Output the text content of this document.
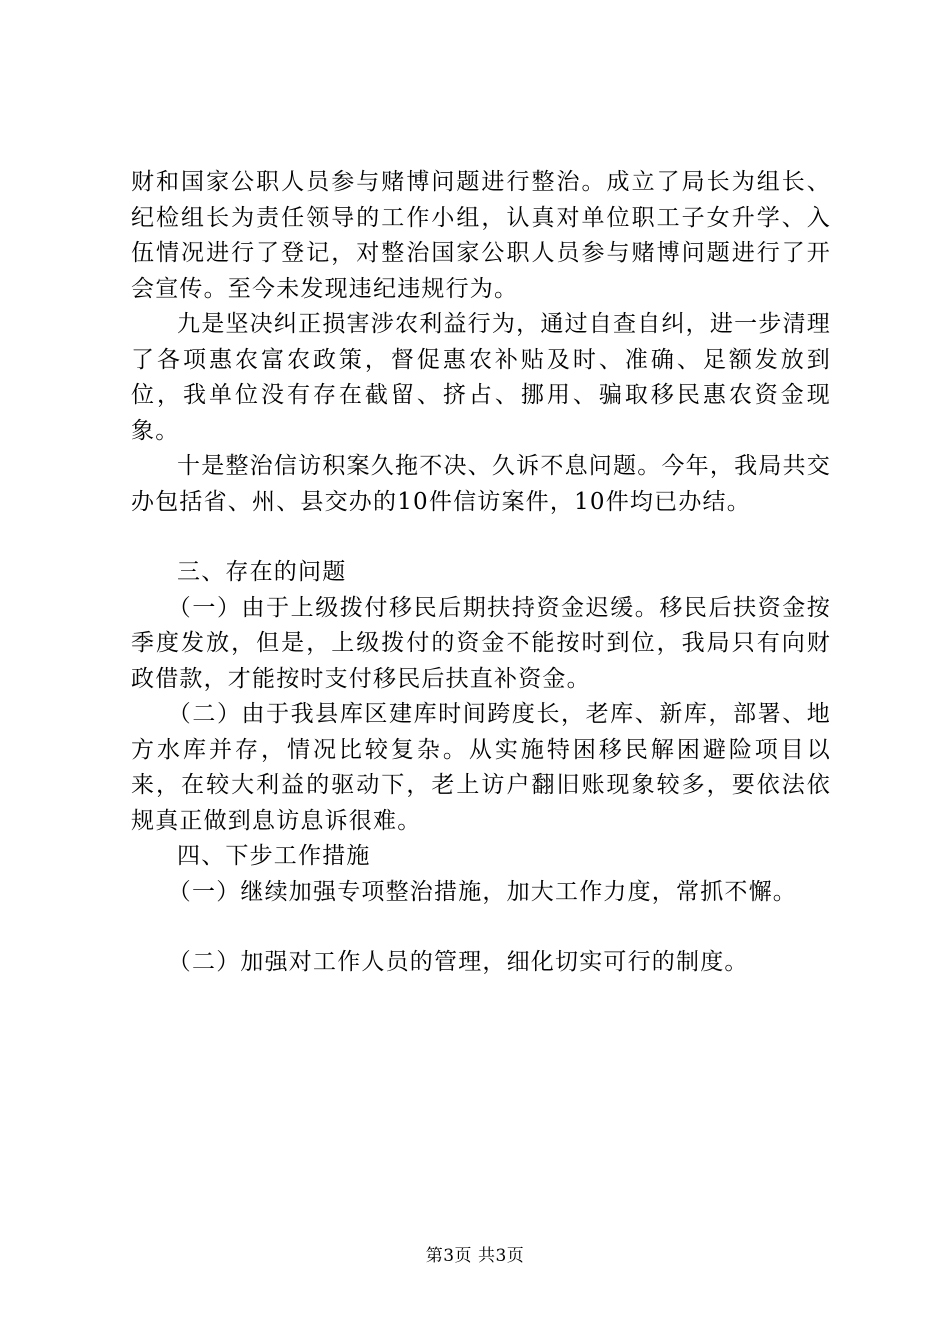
财和国家公职人员参与赌博问题进行整治。成立了局长为组长、纪检组长为责任领导的工作小组，认真对单位职工子女升学、入伍情况进行了登记，对整治国家公职人员参与赌博问题进行了开会宣传。至今未发现违纪违规行为。

九是坚决纠正损害涉农利益行为，通过自查自纠，进一步清理了各项惠农富农政策，督促惠农补贴及时、准确、足额发放到位，我单位没有存在截留、挤占、挪用、骗取移民惠农资金现象。

十是整治信访积案久拖不决、久诉不息问题。今年，我局共交办包括省、州、县交办的10件信访案件，10件均已办结。

三、存在的问题

（一）由于上级拨付移民后期扶持资金迟缓。移民后扶资金按季度发放，但是，上级拨付的资金不能按时到位，我局只有向财政借款，才能按时支付移民后扶直补资金。

（二）由于我县库区建库时间跨度长，老库、新库，部署、地方水库并存，情况比较复杂。从实施特困移民解困避险项目以来，在较大利益的驱动下，老上访户翻旧账现象较多，要依法依规真正做到息访息诉很难。

四、下步工作措施

（一）继续加强专项整治措施，加大工作力度，常抓不懈。

（二）加强对工作人员的管理，细化切实可行的制度。

第3页 共3页
